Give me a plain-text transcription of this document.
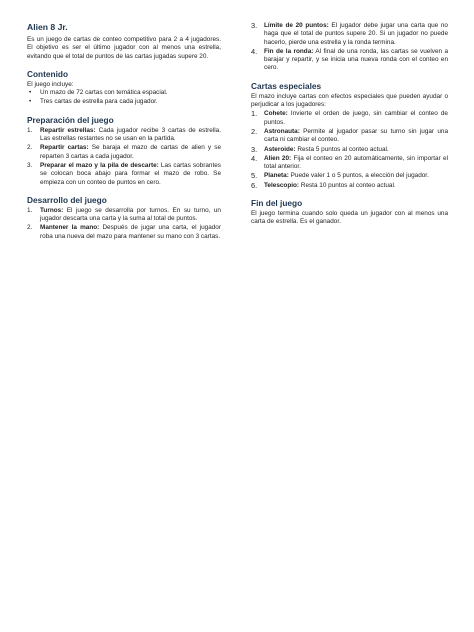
Alien 8 Jr.

Es un juego de cartas de conteo competitivo para 2 a 4 jugadores. El objetivo es ser el último jugador con al menos una estrella, evitando que el total de puntos de las cartas jugadas supere 20.

Contenido

El juego incluye:

• Un mazo de 72 cartas con temática espacial.
• Tres cartas de estrella para cada jugador.
Preparación del juego
1.	Repartir estrellas: Cada jugador recibe 3 cartas de estrella. Las estrellas restantes no se usan en la partida.
2.	Repartir cartas: Se baraja el mazo de cartas de alien y se reparten 3 cartas a cada jugador.
3.	Preparar el mazo y la pila de descarte: Las cartas sobrantes se colocan boca abajo para formar el mazo de robo. Se empieza con un conteo de puntos en cero.
Desarrollo del juego
1.	Turnos: El juego se desarrolla por turnos. En su turno, un jugador descarta una carta y la suma al total de puntos.
2.	Mantener la mano: Después de jugar una carta, el jugador roba una nueva del mazo para mantener su mano con 3 cartas.
3.	Límite de 20 puntos: El jugador debe jugar una carta que no haga que el total de puntos supere 20. Si un jugador no puede hacerlo, pierde una estrella y la ronda termina.
4.	Fin de la ronda: Al final de una ronda, las cartas se vuelven a barajar y repartir, y se inicia una nueva ronda con el conteo en cero.
Cartas especiales

El mazo incluye cartas con efectos especiales que pueden ayudar o perjudicar a los jugadores:

1.	Cohete: Invierte el orden de juego, sin cambiar el conteo de puntos.
2.	Astronauta: Permite al jugador pasar su turno sin jugar una carta ni cambiar el conteo.
3.	Asteroide: Resta 5 puntos al conteo actual.
4.	Alien 20: Fija el conteo en 20 automáticamente, sin importar el total anterior.
5.	Planeta: Puede valer 1 o 5 puntos, a elección del jugador.
6.	Telescopio: Resta 10 puntos al conteo actual.
Fin del juego

El juego termina cuando solo queda un jugador con al menos una carta de estrella. Es el ganador.
